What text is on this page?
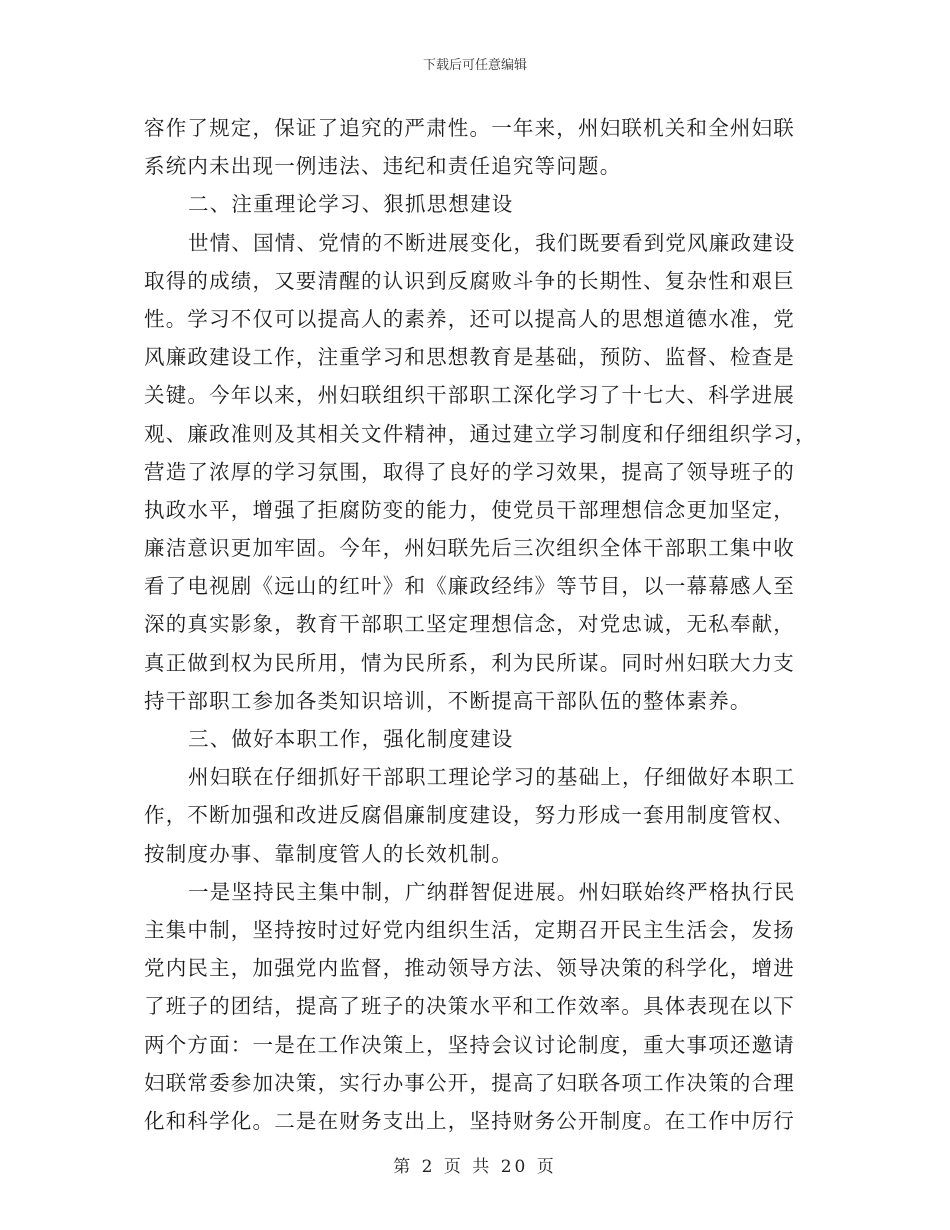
下载后可任意编辑
容作了规定，保证了追究的严肃性。一年来，州妇联机关和全州妇联
系统内未出现一例违法、违纪和责任追究等问题。
二、注重理论学习、狠抓思想建设
世情、国情、党情的不断进展变化，我们既要看到党风廉政建设
取得的成绩，又要清醒的认识到反腐败斗争的长期性、复杂性和艰巨
性。学习不仅可以提高人的素养，还可以提高人的思想道德水准，党
风廉政建设工作，注重学习和思想教育是基础，预防、监督、检查是
关键。今年以来，州妇联组织干部职工深化学习了十七大、科学进展
观、廉政准则及其相关文件精神，通过建立学习制度和仔细组织学习，
营造了浓厚的学习氛围，取得了良好的学习效果，提高了领导班子的
执政水平，增强了拒腐防变的能力，使党员干部理想信念更加坚定，
廉洁意识更加牢固。今年，州妇联先后三次组织全体干部职工集中收
看了电视剧《远山的红叶》和《廉政经纬》等节目，以一幕幕感人至
深的真实影象，教育干部职工坚定理想信念，对党忠诚，无私奉献，
真正做到权为民所用，情为民所系，利为民所谋。同时州妇联大力支
持干部职工参加各类知识培训，不断提高干部队伍的整体素养。
三、做好本职工作，强化制度建设
州妇联在仔细抓好干部职工理论学习的基础上，仔细做好本职工
作，不断加强和改进反腐倡廉制度建设，努力形成一套用制度管权、
按制度办事、靠制度管人的长效机制。
一是坚持民主集中制，广纳群智促进展。州妇联始终严格执行民
主集中制，坚持按时过好党内组织生活，定期召开民主生活会，发扬
党内民主，加强党内监督，推动领导方法、领导决策的科学化，增进
了班子的团结，提高了班子的决策水平和工作效率。具体表现在以下
两个方面：一是在工作决策上，坚持会议讨论制度，重大事项还邀请
妇联常委参加决策，实行办事公开，提高了妇联各项工作决策的合理
化和科学化。二是在财务支出上，坚持财务公开制度。在工作中厉行
第 2 页 共 20 页
